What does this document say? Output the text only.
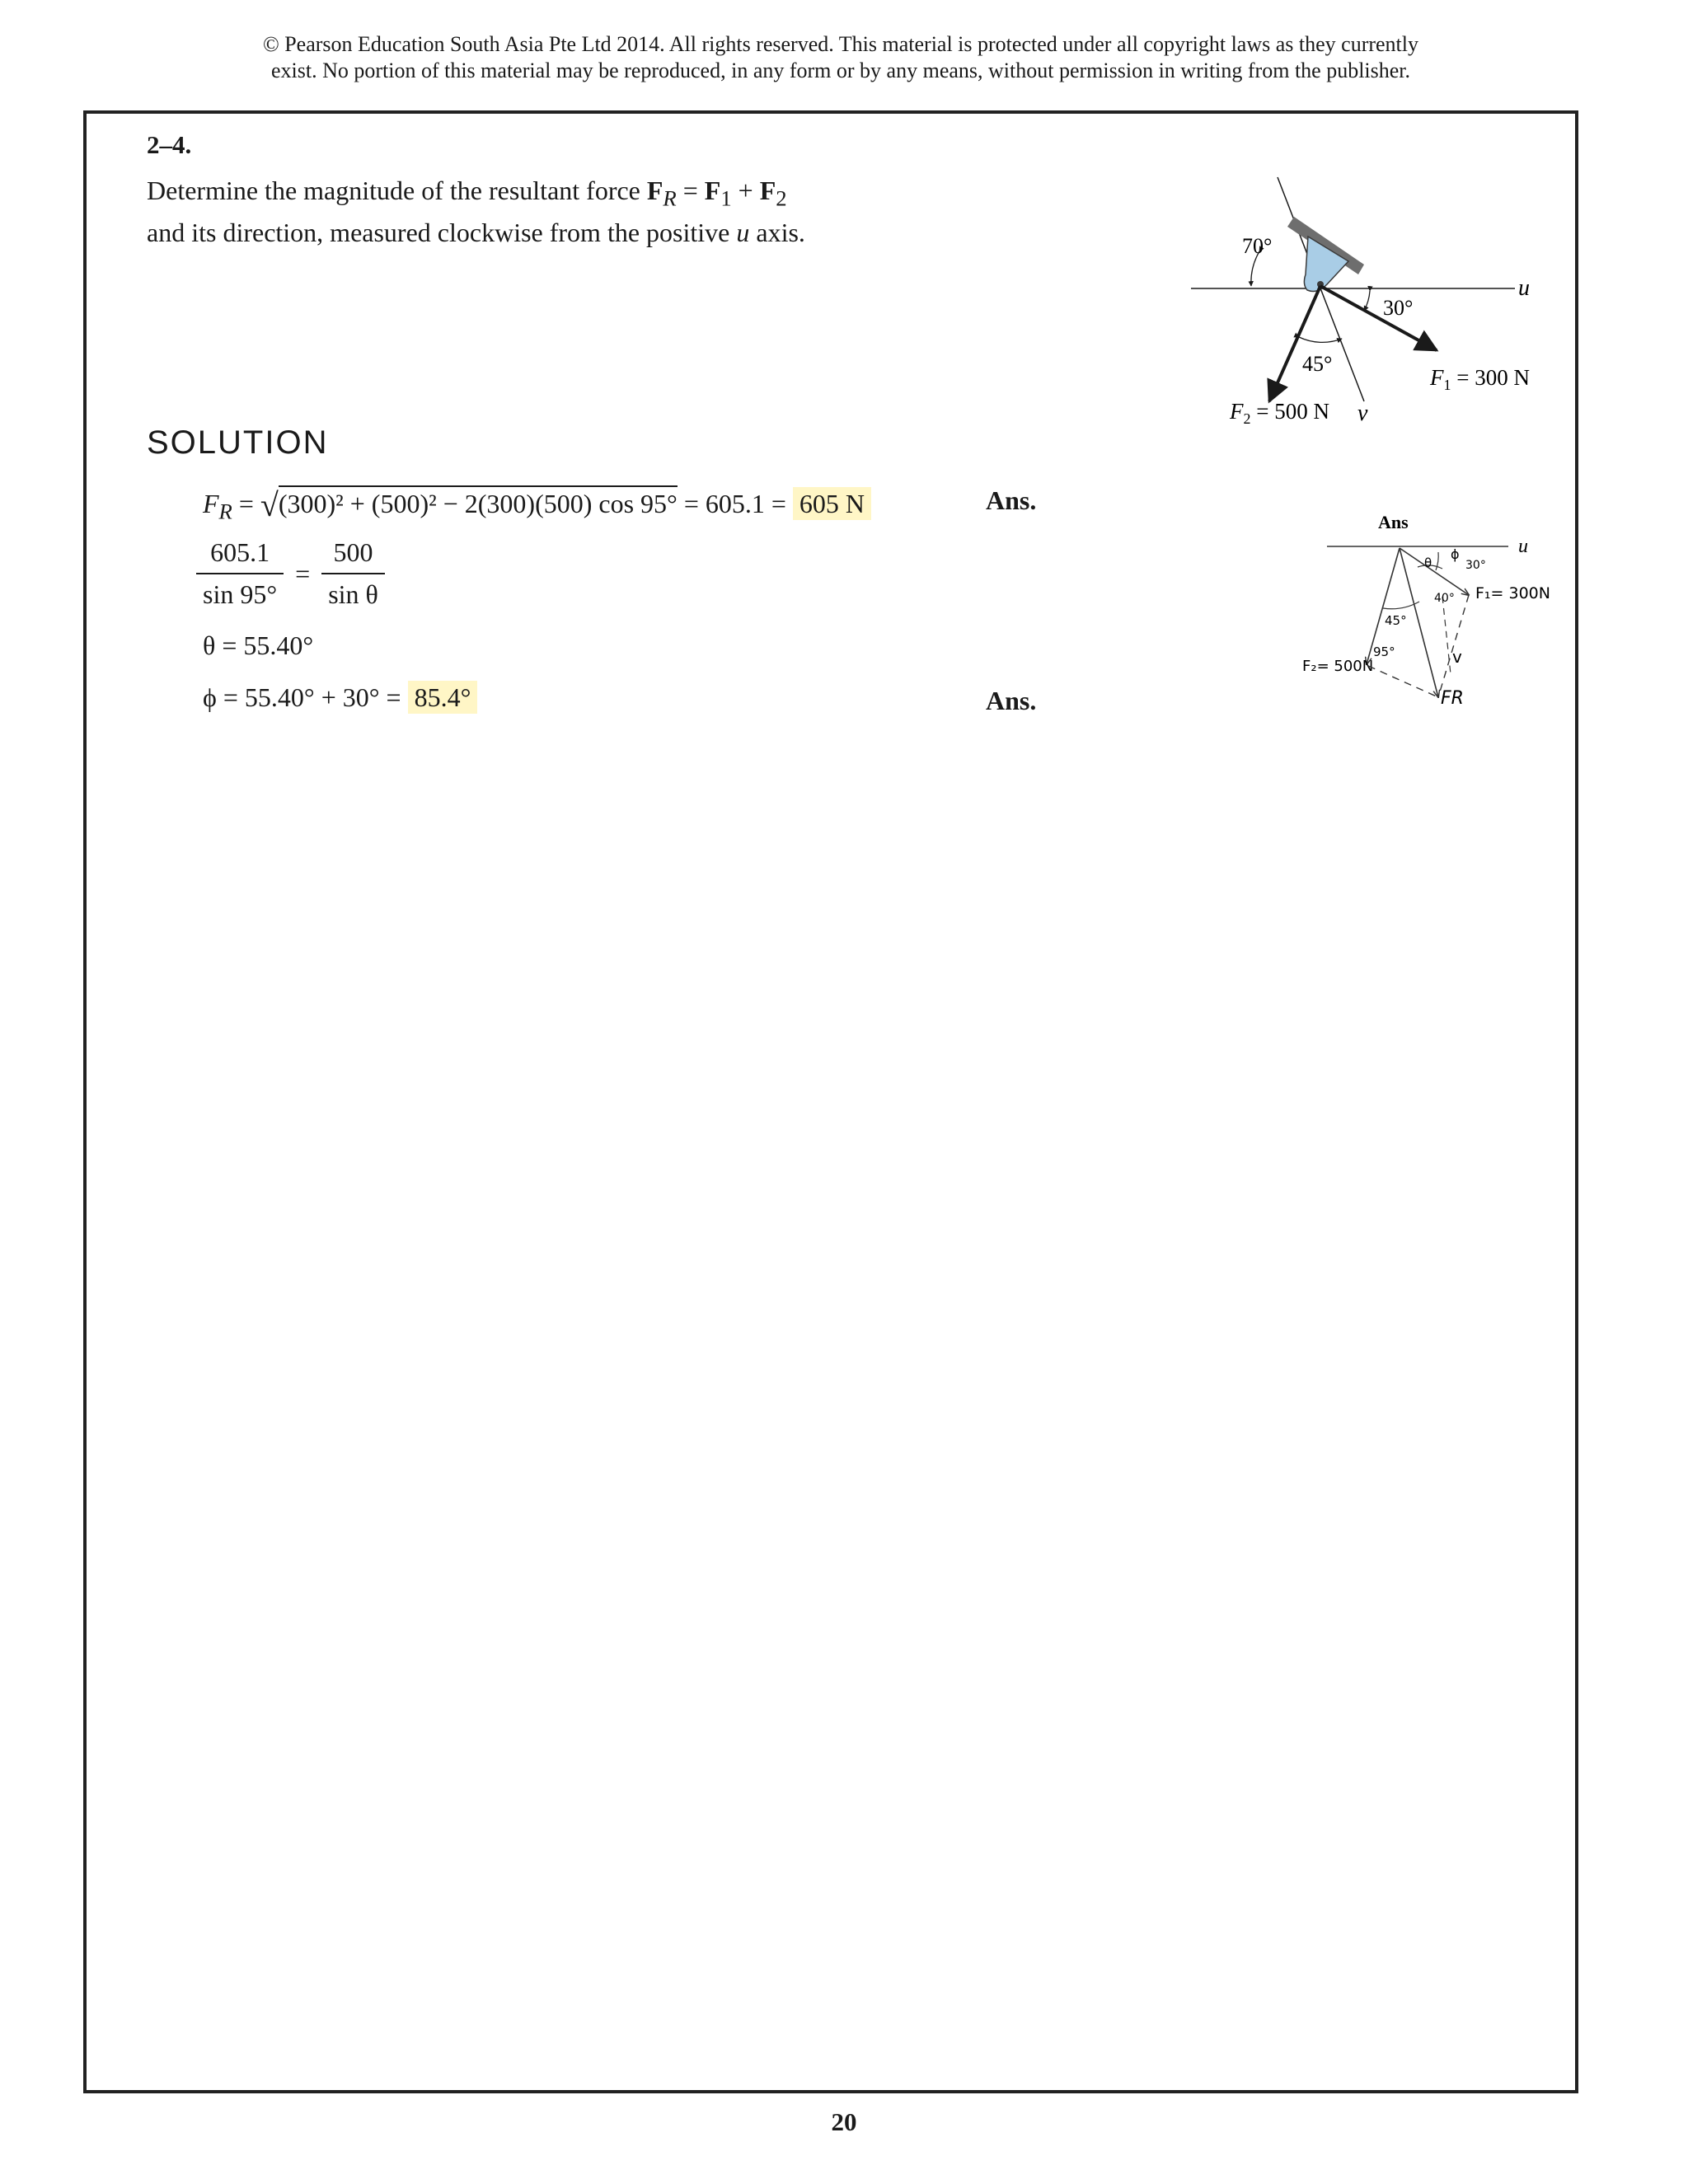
© Pearson Education South Asia Pte Ltd 2014. All rights reserved. This material is protected under all copyright laws as they currently
exist. No portion of this material may be reproduced, in any form or by any means, without permission in writing from the publisher.
2–4.
Determine the magnitude of the resultant force $F_R = F_1 + F_2$
and its direction, measured clockwise from the positive u axis.	70°
30°
45°
u
v
$F_1 = 300$ N
$F_2 = 500$ N
SOLUTION
$F_R = √(300)^2 + (500)^2 - 2(300)(500)$ cos 95° = 605.1 = 605 N	Ans.
$\frac{605.1}{\sin 95^\circ} = \frac{500}{\text{sin θ}}$
θ = 55.40°
ϕ = 55.40° + 30° = 85.4°	Ans.
Ans
u
F₁= 300N
F₂= 500N
FR
v
θ
ϕ
30°
40°
45°
95°
20
